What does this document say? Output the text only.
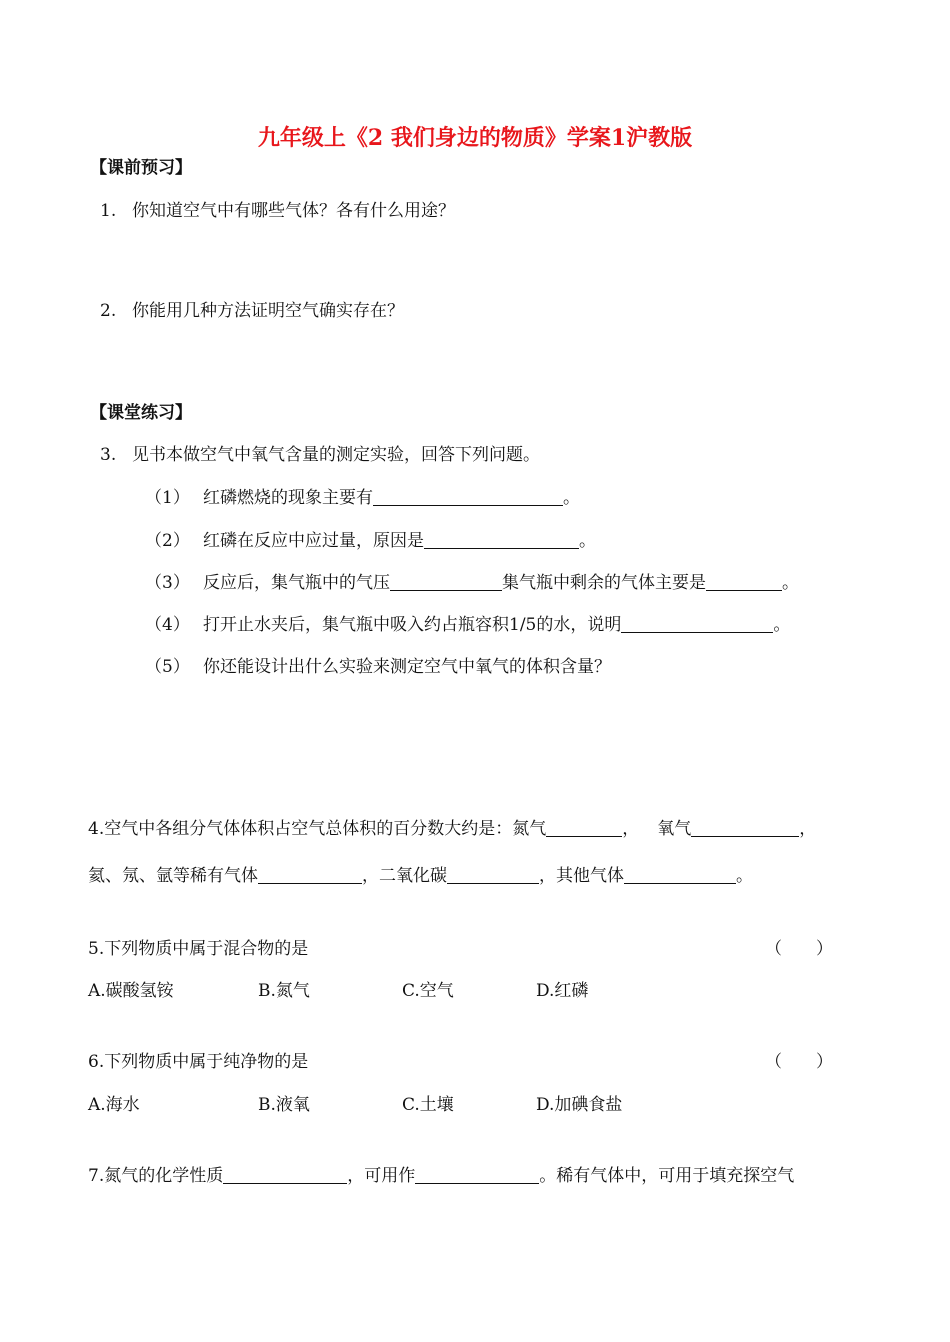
九年级上《2 我们身边的物质》学案1沪教版
【课前预习】
1. 你知道空气中有哪些气体？各有什么用途？
2. 你能用几种方法证明空气确实存在？
【课堂练习】
3. 见书本做空气中氧气含量的测定实验，回答下列问题。
（1） 红磷燃烧的现象主要有	。
（2） 红磷在反应中应过量，原因是	。
（3） 反应后，集气瓶中的气压	集气瓶中剩余的气体主要是	。
（4） 打开止水夹后，集气瓶中吸入约占瓶容积1/5的水，说明	。
（5） 你还能设计出什么实验来测定空气中氧气的体积含量？
4.空气中各组分气体体积占空气总体积的百分数大约是：氮气	， 氧气	，
氦、氖、氩等稀有气体	，二氧化碳	，其他气体	。
5.下列物质中属于混合物的是	（　　）
A.碳酸氢铵	B.氮气	C.空气	D.红磷
6.下列物质中属于纯净物的是	（　　）
A.海水	B.液氧	C.土壤	D.加碘食盐
7.氮气的化学性质	，可用作	。稀有气体中，可用于填充探空气
